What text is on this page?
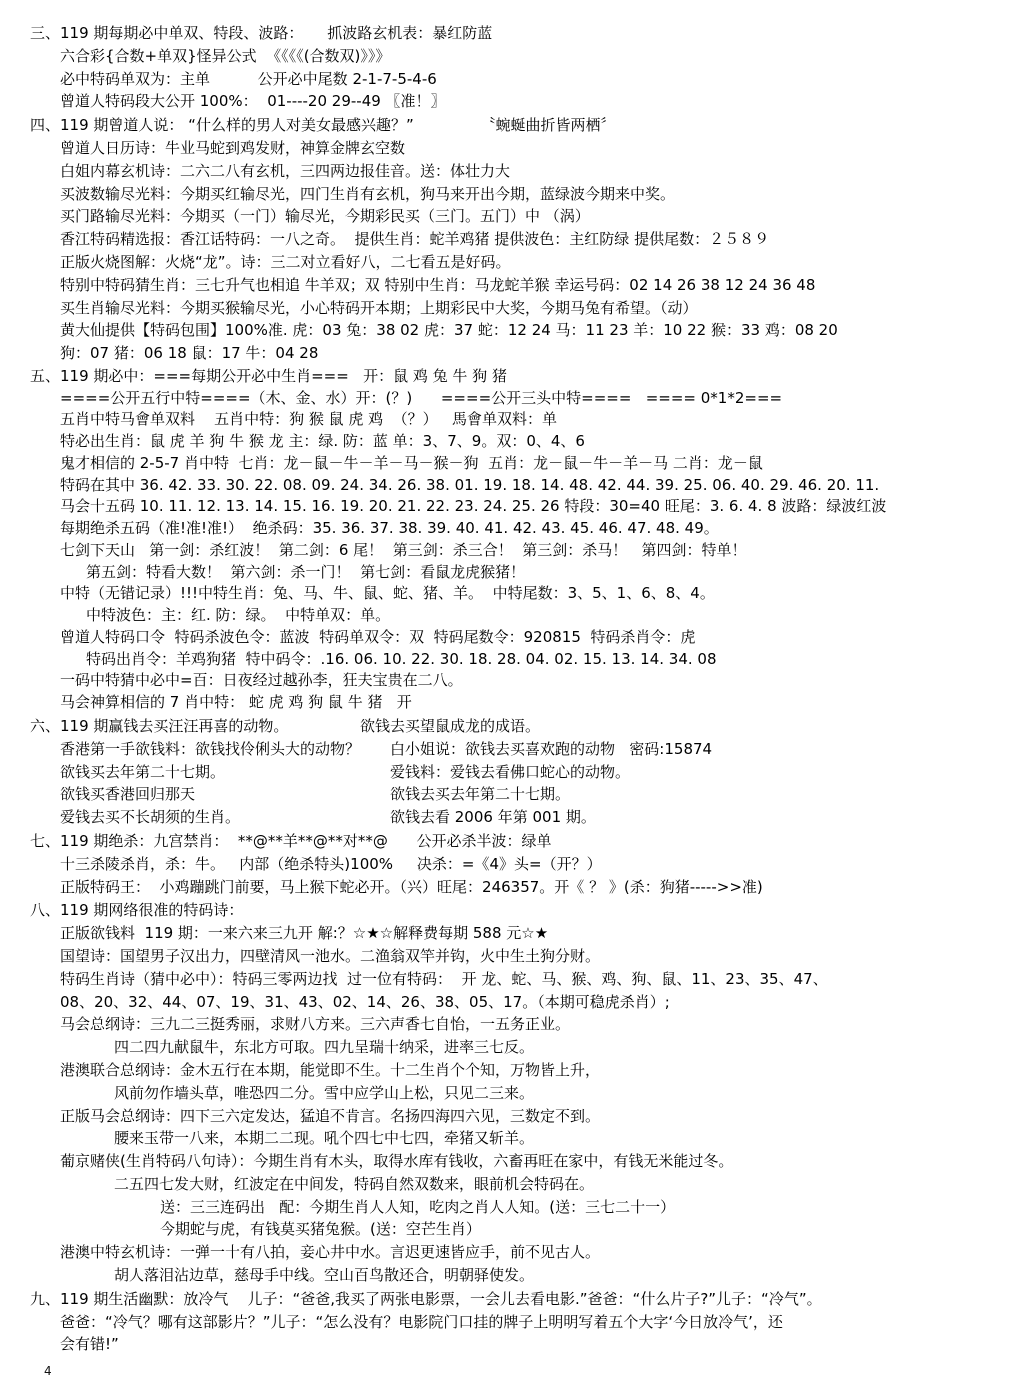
三、119 期每期必中单双、特段、波路：     抓波路玄机表：暴红防蓝
六合彩{合数+单双}怪异公式  《《《《(合数双)》》》
必中特码单双为：主单          公开必中尾数 2-1-7-5-4-6
曾道人特码段大公开 100%：  01----20 29--49 〖准！〗
四、119 期曾道人说： “什么样的男人对美女最感兴趣？”              〝蜿蜒曲折皆两栖〞
曾道人日历诗：牛业马蛇到鸡发财，神算金牌玄空数
白姐内幕玄机诗：二六二八有玄机，三四两边报佳音。送：体壮力大
买波数输尽光料：今期买红输尽光，四门生肖有玄机，狗马来开出今期，蓝绿波今期来中奖。
买门路输尽光料：今期买（一门）输尽光，今期彩民买（三门。五门）中 （涡）
香江特码精选报：香江话特码：一八之奇。  提供生肖：蛇羊鸡猪 提供波色：主红防绿 提供尾数：２５８９
正版火烧图解：火烧“龙”。诗：三二对立看好八，二七看五是好码。
特别中特码猜生肖：三七升气也相追 牛羊双；双 特别中生肖：马龙蛇羊猴 幸运号码：02 14 26 38 12 24 36 48
买生肖输尽光料：今期买猴输尽光，小心特码开本期；上期彩民中大奖，今期马兔有希望。（动）
黄大仙提供【特码包围】100%准. 虎：03 兔：38 02 虎：37 蛇：12 24 马：11 23 羊：10 22 猴：33 鸡：08 20
狗：07 猪：06 18 鼠：17 牛：04 28
五、119 期必中：===每期公开必中生肖===   开：鼠 鸡 兔 牛 狗 猪
====公开五行中特====（木、金、水）开：(？)      ====公开三头中特====   ==== 0*1*2===
五肖中特马會单双料    五肖中特：狗 猴 鼠 虎 鸡  （？）   馬會单双料：单
特必出生肖：鼠 虎 羊 狗 牛 猴 龙 主：绿. 防：蓝 单：3、7、9。双：0、4、6
鬼才相信的 2-5-7 肖中特  七肖：龙－鼠－牛－羊－马－猴－狗  五肖：龙－鼠－牛－羊－马 二肖：龙－鼠
特码在其中 36. 42. 33. 30. 22. 08. 09. 24. 34. 26. 38. 01. 19. 18. 14. 48. 42. 44. 39. 25. 06. 40. 29. 46. 20. 11.
马会十五码 10. 11. 12. 13. 14. 15. 16. 19. 20. 21. 22. 23. 24. 25. 26 特段：30=40 旺尾：3. 6. 4. 8 波路：绿波红波
每期绝杀五码（准!准!准!）  绝杀码：35. 36. 37. 38. 39. 40. 41. 42. 43. 45. 46. 47. 48. 49。
七剑下天山   第一剑：杀红波！  第二剑：6 尾！  第三剑：杀三合！  第三剑：杀马！   第四剑：特单！
第五剑：特看大数！  第六剑：杀一门！  第七剑：看鼠龙虎猴猪！
中特（无错记录）!!!中特生肖：兔、马、牛、鼠、蛇、猪、羊。  中特尾数：3、5、1、6、8、4。
中特波色：主：红. 防：绿。  中特单双：单。
曾道人特码口令  特码杀波色令：蓝波  特码单双令：双  特码尾数令：920815  特码杀肖令：虎
特码出肖令：羊鸡狗猪  特中码令：.16. 06. 10. 22. 30. 18. 28. 04. 02. 15. 13. 14. 34. 08
一码中特猜中必中=百：日夜经过越孙李，狂夫宝贵在二八。
马会神算相信的 7 肖中特： 蛇 虎 鸡 狗 鼠 牛 猪   开
六、119 期赢钱去买汪汪再喜的动物。	欲钱去买望鼠成龙的成语。
香港第一手欲钱料：欲钱找伶俐头大的动物？	白小姐说：欲钱去买喜欢跑的动物   密码:15874
欲钱买去年第二十七期。	爱钱料：爱钱去看佛口蛇心的动物。
欲钱买香港回归那天	欲钱去买去年第二十七期。
爱钱去买不长胡须的生肖。	欲钱去看 2006 年第 001 期。
七、119 期绝杀：九宫禁肖：  **@**羊**@**对**@      公开必杀半波：绿单
十三杀陵杀肖，杀：牛。   内部（绝杀特头)100%     决杀：=《4》头=（开？）
正版特码王：  小鸡蹦跳门前要，马上猴下蛇必开。（兴）旺尾：246357。开《 ？ 》(杀：狗猪----->>准)
八、119 期网络很准的特码诗：
正版欲钱料  119 期：一来六来三九开 解:？☆★☆解释费每期 588 元☆★
国望诗：国望男子汉出力，四壁清风一池水。二渔翁双竿并钩，火中生土狗分财。
特码生肖诗（猜中必中）：特码三零两边找  过一位有特码：  开 龙、蛇、马、猴、鸡、狗、鼠、11、23、35、47、
08、20、32、44、07、19、31、43、02、14、26、38、05、17。（本期可稳虎杀肖）;
马会总纲诗：三九二三挺秀丽，求财八方来。三六声香七自怡，一五务正业。
四二四九献鼠牛，东北方可取。四九呈瑞十纳采，进率三七反。
港澳联合总纲诗：金木五行在本期，能觉即不生。十二生肖个个知，万物皆上升，
风前勿作墙头草，唯恐四二分。雪中应学山上松，只见二三来。
正版马会总纲诗：四下三六定发达，猛追不肯言。名扬四海四六见，三数定不到。
腰来玉带一八来，本期二二现。吼个四七中七四，牵猪又斩羊。
葡京赌侠(生肖特码八句诗）：今期生肖有木头，取得水库有钱收，六畜再旺在家中，有钱无米能过冬。
二五四七发大财，红波定在中间发，特码自然双数来，眼前机会特码在。
送：三三连码出   配：今期生肖人人知，吃肉之肖人人知。(送：三七二十一）
今期蛇与虎，有钱莫买猪兔猴。(送：空芒生肖）
港澳中特玄机诗：一弹一十有八拍，妾心井中水。言迟更速皆应手，前不见古人。
胡人落泪沾边草，慈母手中线。空山百鸟散还合，明朝驿使发。
九、119 期生活幽默：放冷气    儿子：“爸爸,我买了两张电影票，一会儿去看电影.”爸爸：“什么片子?”儿子：“冷气”。
爸爸：“冷气？哪有这部影片？”儿子：“怎么没有？电影院门口挂的牌子上明明写着五个大字‘今日放冷气’，还
会有错!”
4
